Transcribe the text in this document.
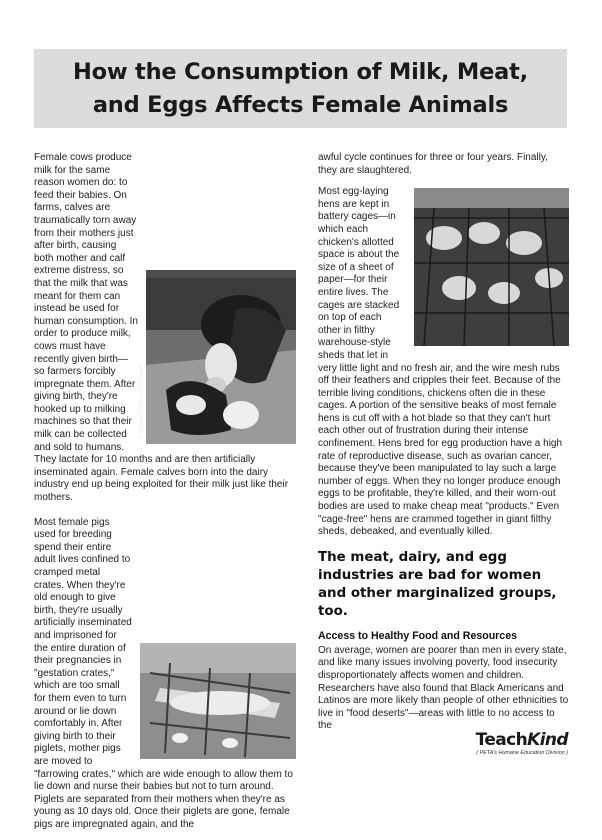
How the Consumption of Milk, Meat,
and Eggs Affects Female Animals
© Jo-Anne McArthur / We Animals
Female cows produce milk for the same reason women do: to feed their babies. On farms, calves are traumatically torn away from their mothers just after birth, causing both mother and calf extreme distress, so that the milk that was meant for them can instead be used for human consumption. In order to produce milk, cows must have recently given birth—so farmers forcibly impregnate them. After giving birth, they're hooked up to milking machines so that their milk can be collected and sold to humans. They lactate for 10 months and are then artificially inseminated again. Female calves born into the dairy industry end up being exploited for their milk just like their mothers.
Most female pigs used for breeding spend their entire adult lives confined to cramped metal crates. When they're old enough to give birth, they're usually artificially inseminated and imprisoned for the entire duration of their pregnancies in "gestation crates," which are too small for them even to turn around or lie down comfortably in. After giving birth to their piglets, mother pigs are moved to "farrowing crates," which are wide enough to allow them to lie down and nurse their babies but not to turn around. Piglets are separated from their mothers when they're as young as 10 days old. Once their piglets are gone, female pigs are impregnated again, and the
awful cycle continues for three or four years. Finally, they are slaughtered.
Most egg-laying hens are kept in battery cages—in which each chicken's allotted space is about the size of a sheet of paper—for their entire lives. The cages are stacked on top of each other in filthy warehouse-style sheds that let in very little light and no fresh air, and the wire mesh rubs off their feathers and cripples their feet. Because of the terrible living conditions, chickens often die in these cages. A portion of the sensitive beaks of most female hens is cut off with a hot blade so that they can't hurt each other out of frustration during their intense confinement. Hens bred for egg production have a high rate of reproductive disease, such as ovarian cancer, because they've been manipulated to lay such a large number of eggs. When they no longer produce enough eggs to be profitable, they're killed, and their worn-out bodies are used to make cheap meat "products." Even "cage-free" hens are crammed together in giant filthy sheds, debeaked, and eventually killed.
The meat, dairy, and egg industries are bad for women and other marginalized groups, too.
Access to Healthy Food and Resources
On average, women are poorer than men in every state, and like many issues involving poverty, food insecurity disproportionately affects women and children. Researchers have also found that Black Americans and Latinos are more likely than people of other ethnicities to live in "food deserts"—areas with little to no access to the
TeachKind
( PETA's Humane Education Division )
